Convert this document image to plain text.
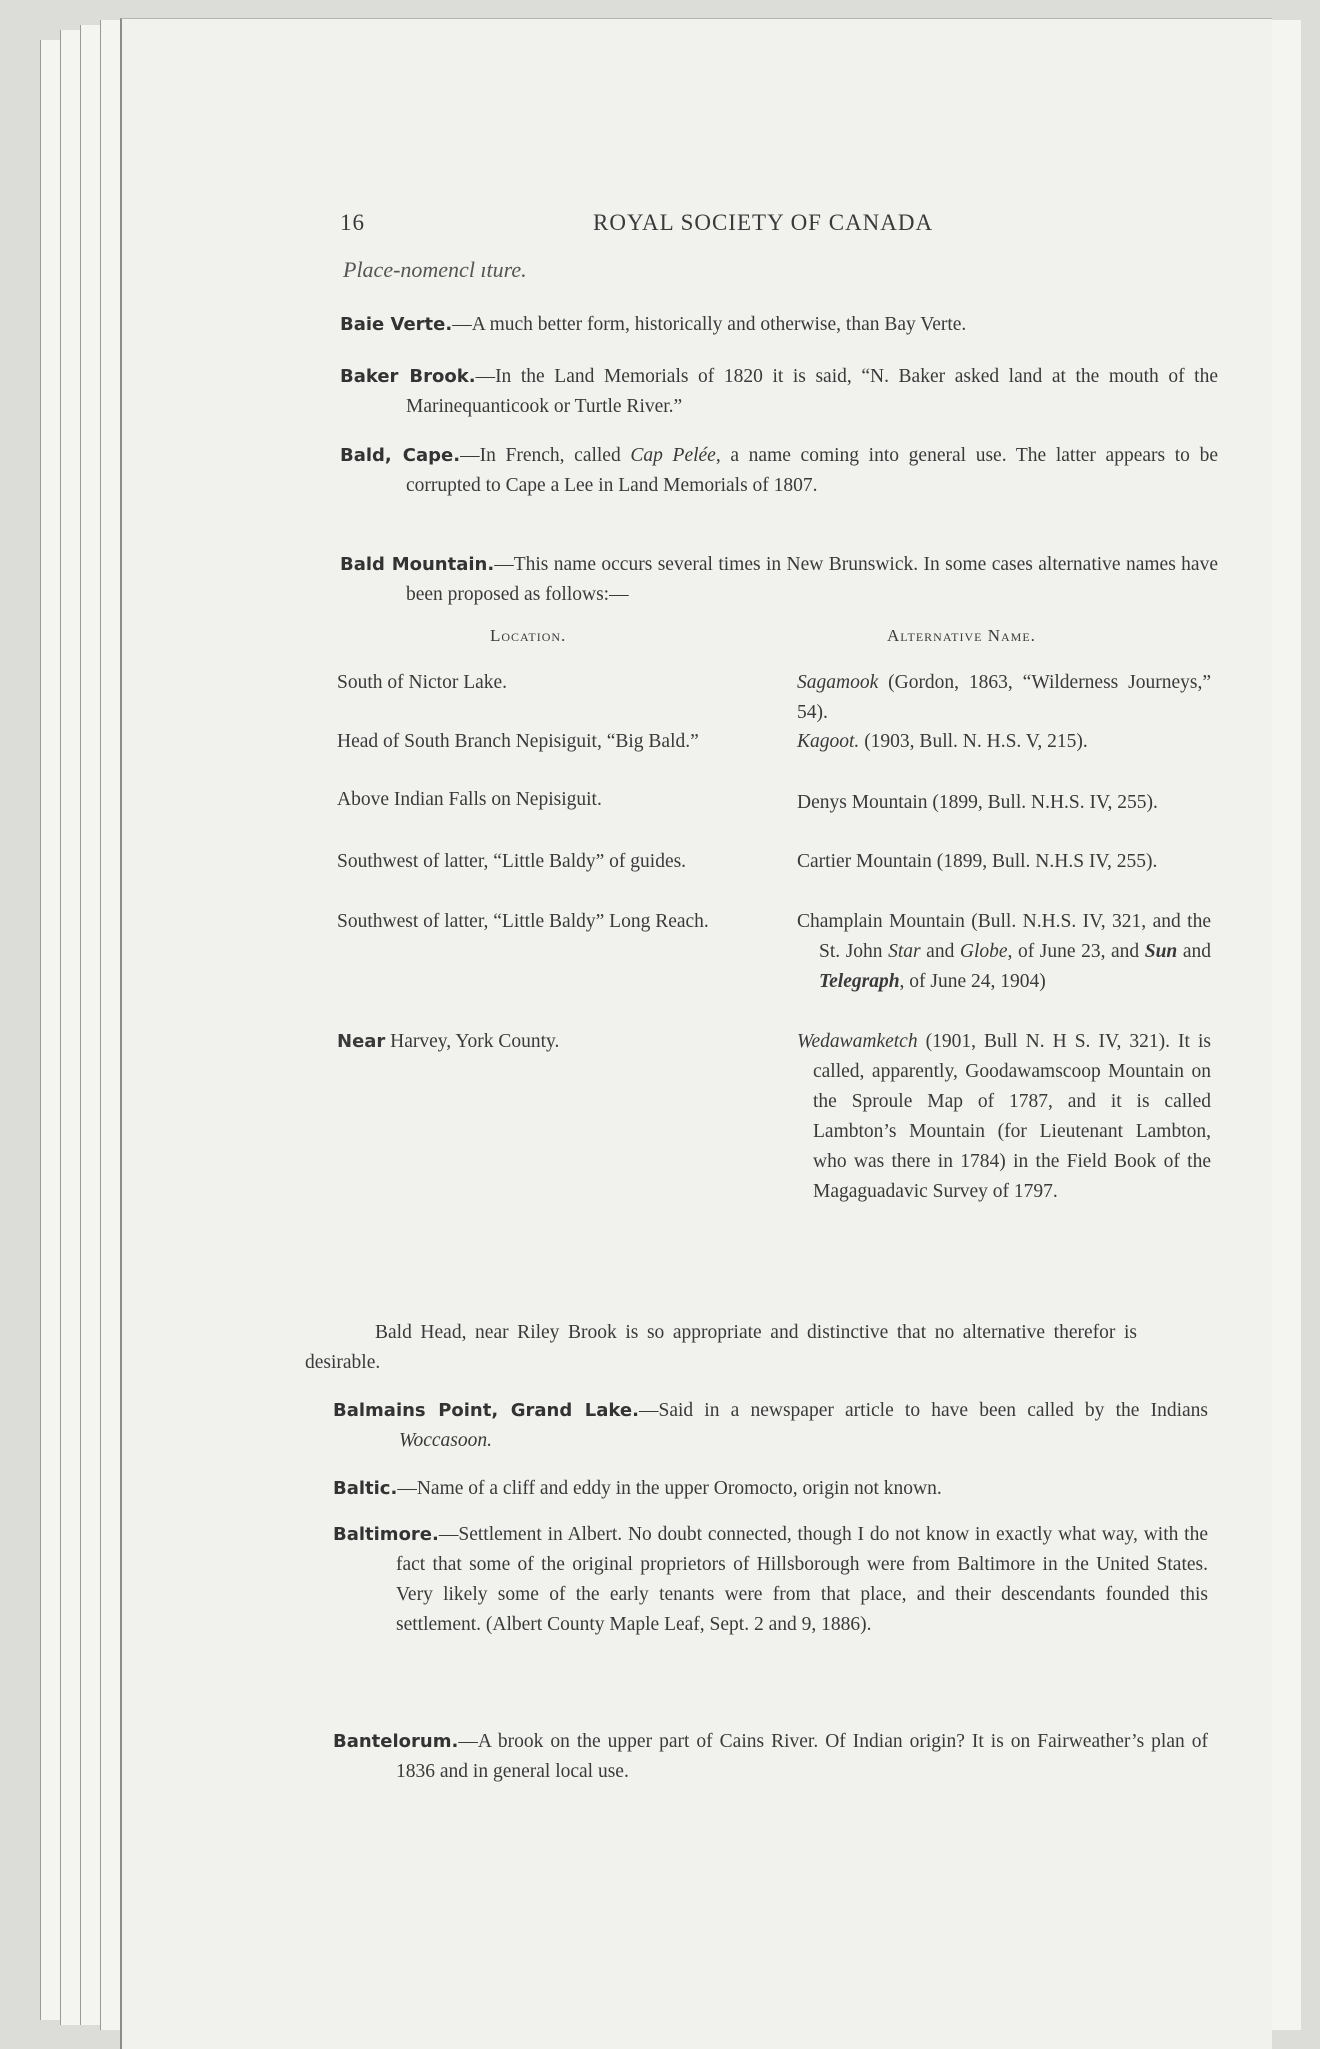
16	ROYAL SOCIETY OF CANADA
Place-nomencl ıture.
Baie Verte.—A much better form, historically and otherwise, than Bay Verte.
Baker Brook.—In the Land Memorials of 1820 it is said, “N. Baker asked land at the mouth of the Marinequanticook or Turtle River.”
Bald, Cape.—In French, called Cap Pelée, a name coming into general use. The latter appears to be corrupted to Cape a Lee in Land Memorials of 1807.
Bald Mountain.—This name occurs several times in New Brunswick. In some cases alternative names have been proposed as follows:—
Location.	Alternative Name.
South of Nictor Lake.	Sagamook (Gordon, 1863, “Wilderness Journeys,” 54).
Head of South Branch Nepisiguit, “Big Bald.”	Kagoot. (1903, Bull. N. H.S. V, 215).
Above Indian Falls on Nepisiguit.	Denys Mountain (1899, Bull. N.H.S. IV, 255).
Southwest of latter, “Little Baldy” of guides.	Cartier Mountain (1899, Bull. N.H.S IV, 255).
Southwest of latter, “Little Baldy” Long Reach.	Champlain Mountain (Bull. N.H.S. IV, 321, and the St. John Star and Globe, of June 23, and Sun and Telegraph, of June 24, 1904)
Near Harvey, York County.	Wedawamketch (1901, Bull N. H S. IV, 321). It is called, apparently, Goodawamscoop Mountain on the Sproule Map of 1787, and it is called Lambton’s Mountain (for Lieutenant Lambton, who was there in 1784) in the Field Book of the Magaguadavic Survey of 1797.
Bald Head, near Riley Brook is so appropriate and distinctive that no alternative therefor is desirable.
Balmains Point, Grand Lake.—Said in a newspaper article to have been called by the Indians Woccasoon.
Baltic.—Name of a cliff and eddy in the upper Oromocto, origin not known.
Baltimore.—Settlement in Albert. No doubt connected, though I do not know in exactly what way, with the fact that some of the original proprietors of Hillsborough were from Baltimore in the United States. Very likely some of the early tenants were from that place, and their descendants founded this settlement. (Albert County Maple Leaf, Sept. 2 and 9, 1886).
Bantelorum.—A brook on the upper part of Cains River. Of Indian origin? It is on Fairweather’s plan of 1836 and in general local use.
